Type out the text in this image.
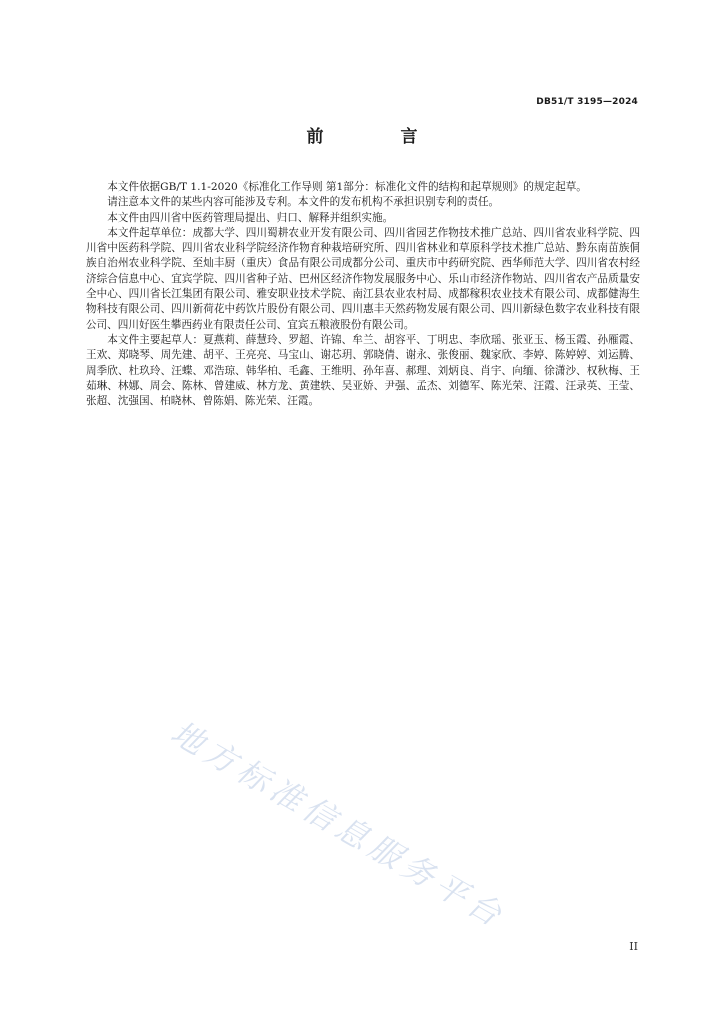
DB51/T 3195—2024
前　言

本文件依据GB/T 1.1-2020《标准化工作导则 第1部分：标准化文件的结构和起草规则》的规定起草。

请注意本文件的某些内容可能涉及专利。本文件的发布机构不承担识别专利的责任。

本文件由四川省中医药管理局提出、归口、解释并组织实施。

本文件起草单位：成都大学、四川蜀耕农业开发有限公司、四川省园艺作物技术推广总站、四川省农业科学院、四川省中医药科学院、四川省农业科学院经济作物育种栽培研究所、四川省林业和草原科学技术推广总站、黔东南苗族侗族自治州农业科学院、至灿丰厨（重庆）食品有限公司成都分公司、重庆市中药研究院、西华师范大学、四川省农村经济综合信息中心、宜宾学院、四川省种子站、巴州区经济作物发展服务中心、乐山市经济作物站、四川省农产品质量安全中心、四川省长江集团有限公司、雅安职业技术学院、南江县农业农村局、成都稼积农业技术有限公司、成都健海生物科技有限公司、四川新荷花中药饮片股份有限公司、四川惠丰天然药物发展有限公司、四川新绿色数字农业科技有限公司、四川好医生攀西药业有限责任公司、宜宾五粮液股份有限公司。

本文件主要起草人：夏燕莉、薛慧玲、罗超、许锦、牟兰、胡容平、丁明忠、李欣瑶、张亚玉、杨玉霞、孙雁霞、王欢、郑晓琴、周先建、胡平、王亮亮、马宝山、谢芯玥、郭晓倩、谢永、张俊丽、魏家欣、李婷、陈婷婷、刘运腾、周季欣、杜玖玲、汪蝶、邓浩琼、韩华柏、毛鑫、王维明、孙年喜、郝理、刘炳良、肖宇、向缅、徐潇沙、权秋梅、王茹琳、林娜、周会、陈林、曾建威、林方龙、黄建轶、吴亚娇、尹强、孟杰、刘德军、陈光荣、汪霞、汪录英、王莹、张超、沈强国、柏晓林、曾陈娟、陈光荣、汪霞。

地方标准信息服务平台
II
